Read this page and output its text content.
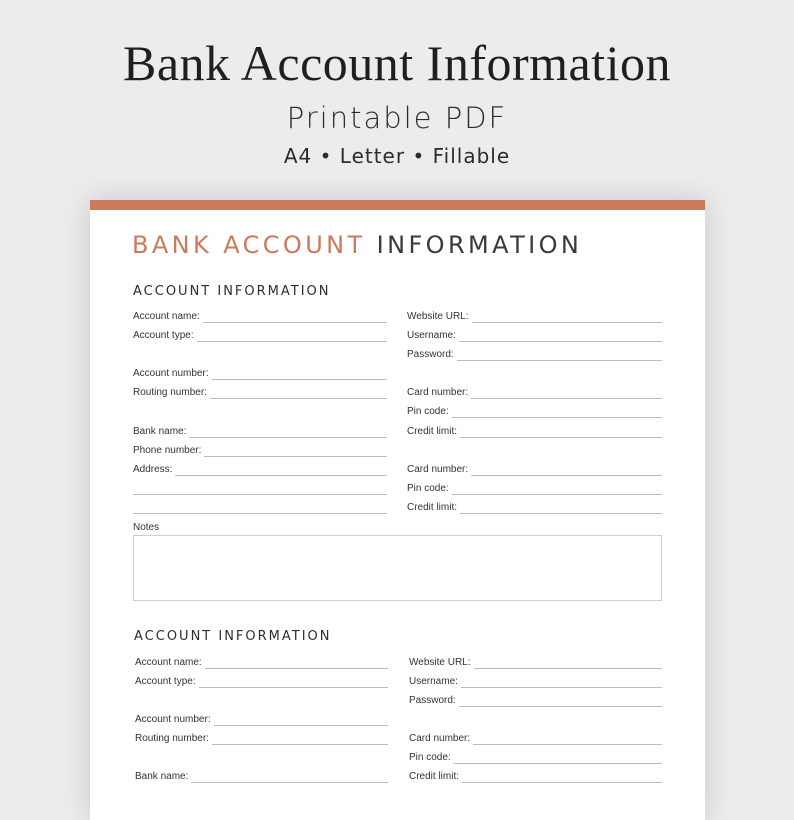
Bank Account Information
Printable PDF
A4 • Letter • Fillable
BANK ACCOUNT INFORMATION
ACCOUNT INFORMATION
Account name:
Account type:
Account number:
Routing number:
Bank name:
Phone number:
Address:
Website URL:
Username:
Password:
Card number:
Pin code:
Credit limit:
Card number:
Pin code:
Credit limit:
Notes
ACCOUNT INFORMATION
Account name:
Account type:
Account number:
Routing number:
Bank name:
Website URL:
Username:
Password:
Card number:
Pin code:
Credit limit:
